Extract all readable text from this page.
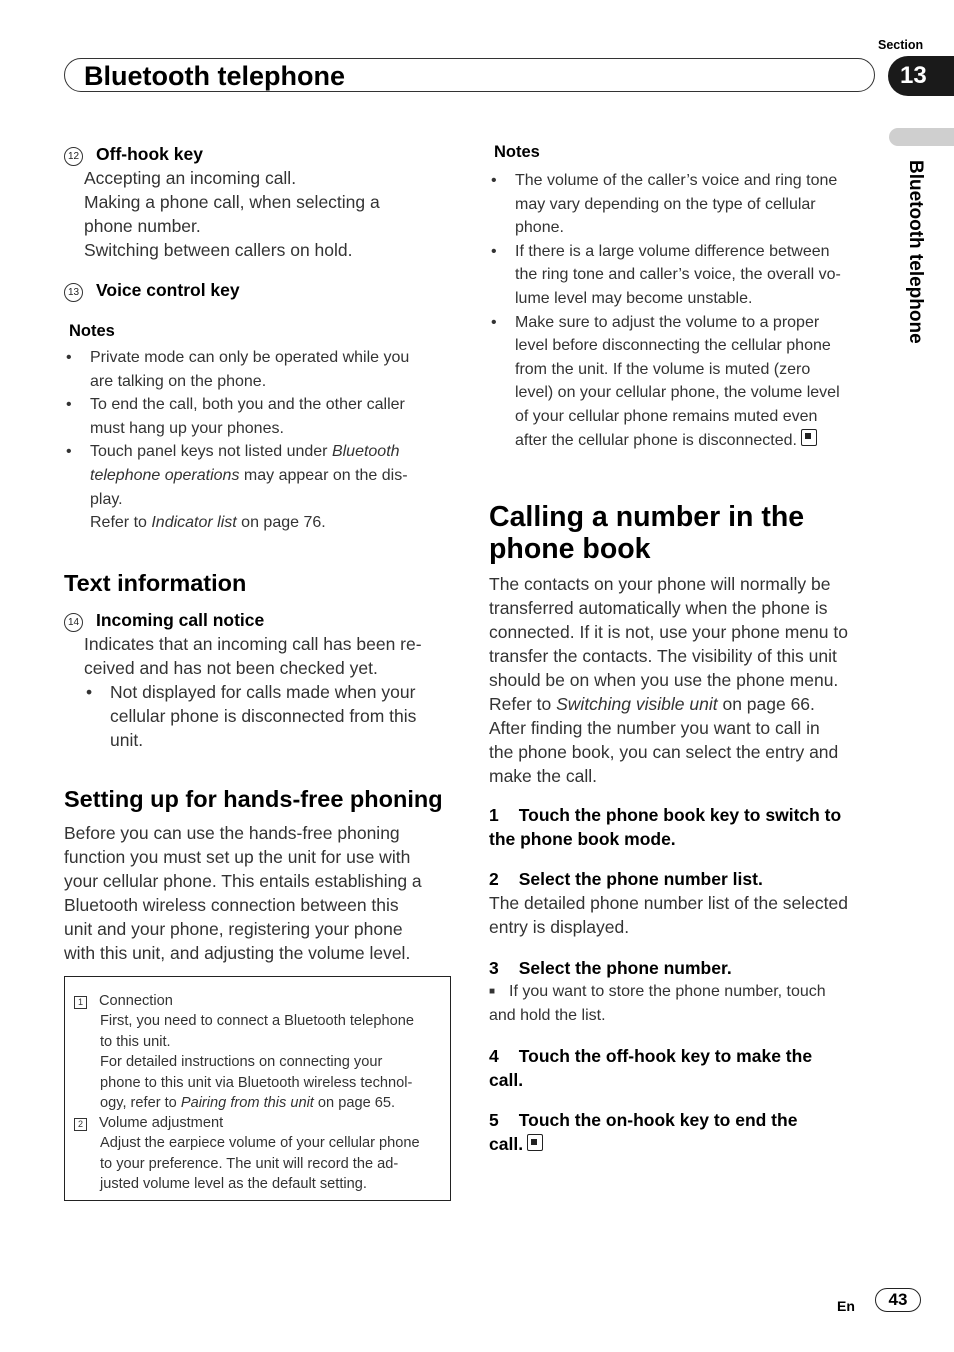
Bluetooth telephone
Section
13
Bluetooth telephone
12 Off-hook key
Accepting an incoming call.
Making a phone call, when selecting a
phone number.
Switching between callers on hold.
13 Voice control key
Notes
• Private mode can only be operated while you
are talking on the phone.
• To end the call, both you and the other caller
must hang up your phones.
• Touch panel keys not listed under Bluetooth
telephone operations may appear on the dis-
play.
Refer to Indicator list on page 76.
Text information
14 Incoming call notice
Indicates that an incoming call has been re-
ceived and has not been checked yet.
• Not displayed for calls made when your
cellular phone is disconnected from this
unit.
Setting up for hands-free phoning
Before you can use the hands-free phoning
function you must set up the unit for use with
your cellular phone. This entails establishing a
Bluetooth wireless connection between this
unit and your phone, registering your phone
with this unit, and adjusting the volume level.
1 Connection
First, you need to connect a Bluetooth telephone
to this unit.
For detailed instructions on connecting your
phone to this unit via Bluetooth wireless technol-
ogy, refer to Pairing from this unit on page 65.
2 Volume adjustment
Adjust the earpiece volume of your cellular phone
to your preference. The unit will record the ad-
justed volume level as the default setting.
Notes
• The volume of the caller’s voice and ring tone
may vary depending on the type of cellular
phone.
• If there is a large volume difference between
the ring tone and caller’s voice, the overall vo-
lume level may become unstable.
• Make sure to adjust the volume to a proper
level before disconnecting the cellular phone
from the unit. If the volume is muted (zero
level) on your cellular phone, the volume level
of your cellular phone remains muted even
after the cellular phone is disconnected.
Calling a number in the
phone book
The contacts on your phone will normally be
transferred automatically when the phone is
connected. If it is not, use your phone menu to
transfer the contacts. The visibility of this unit
should be on when you use the phone menu.
Refer to Switching visible unit on page 66.
After finding the number you want to call in
the phone book, you can select the entry and
make the call.
1 Touch the phone book key to switch to
the phone book mode.
2 Select the phone number list.
The detailed phone number list of the selected
entry is displayed.
3 Select the phone number.
■ If you want to store the phone number, touch
and hold the list.
4 Touch the off-hook key to make the
call.
5 Touch the on-hook key to end the
call.
En	43
